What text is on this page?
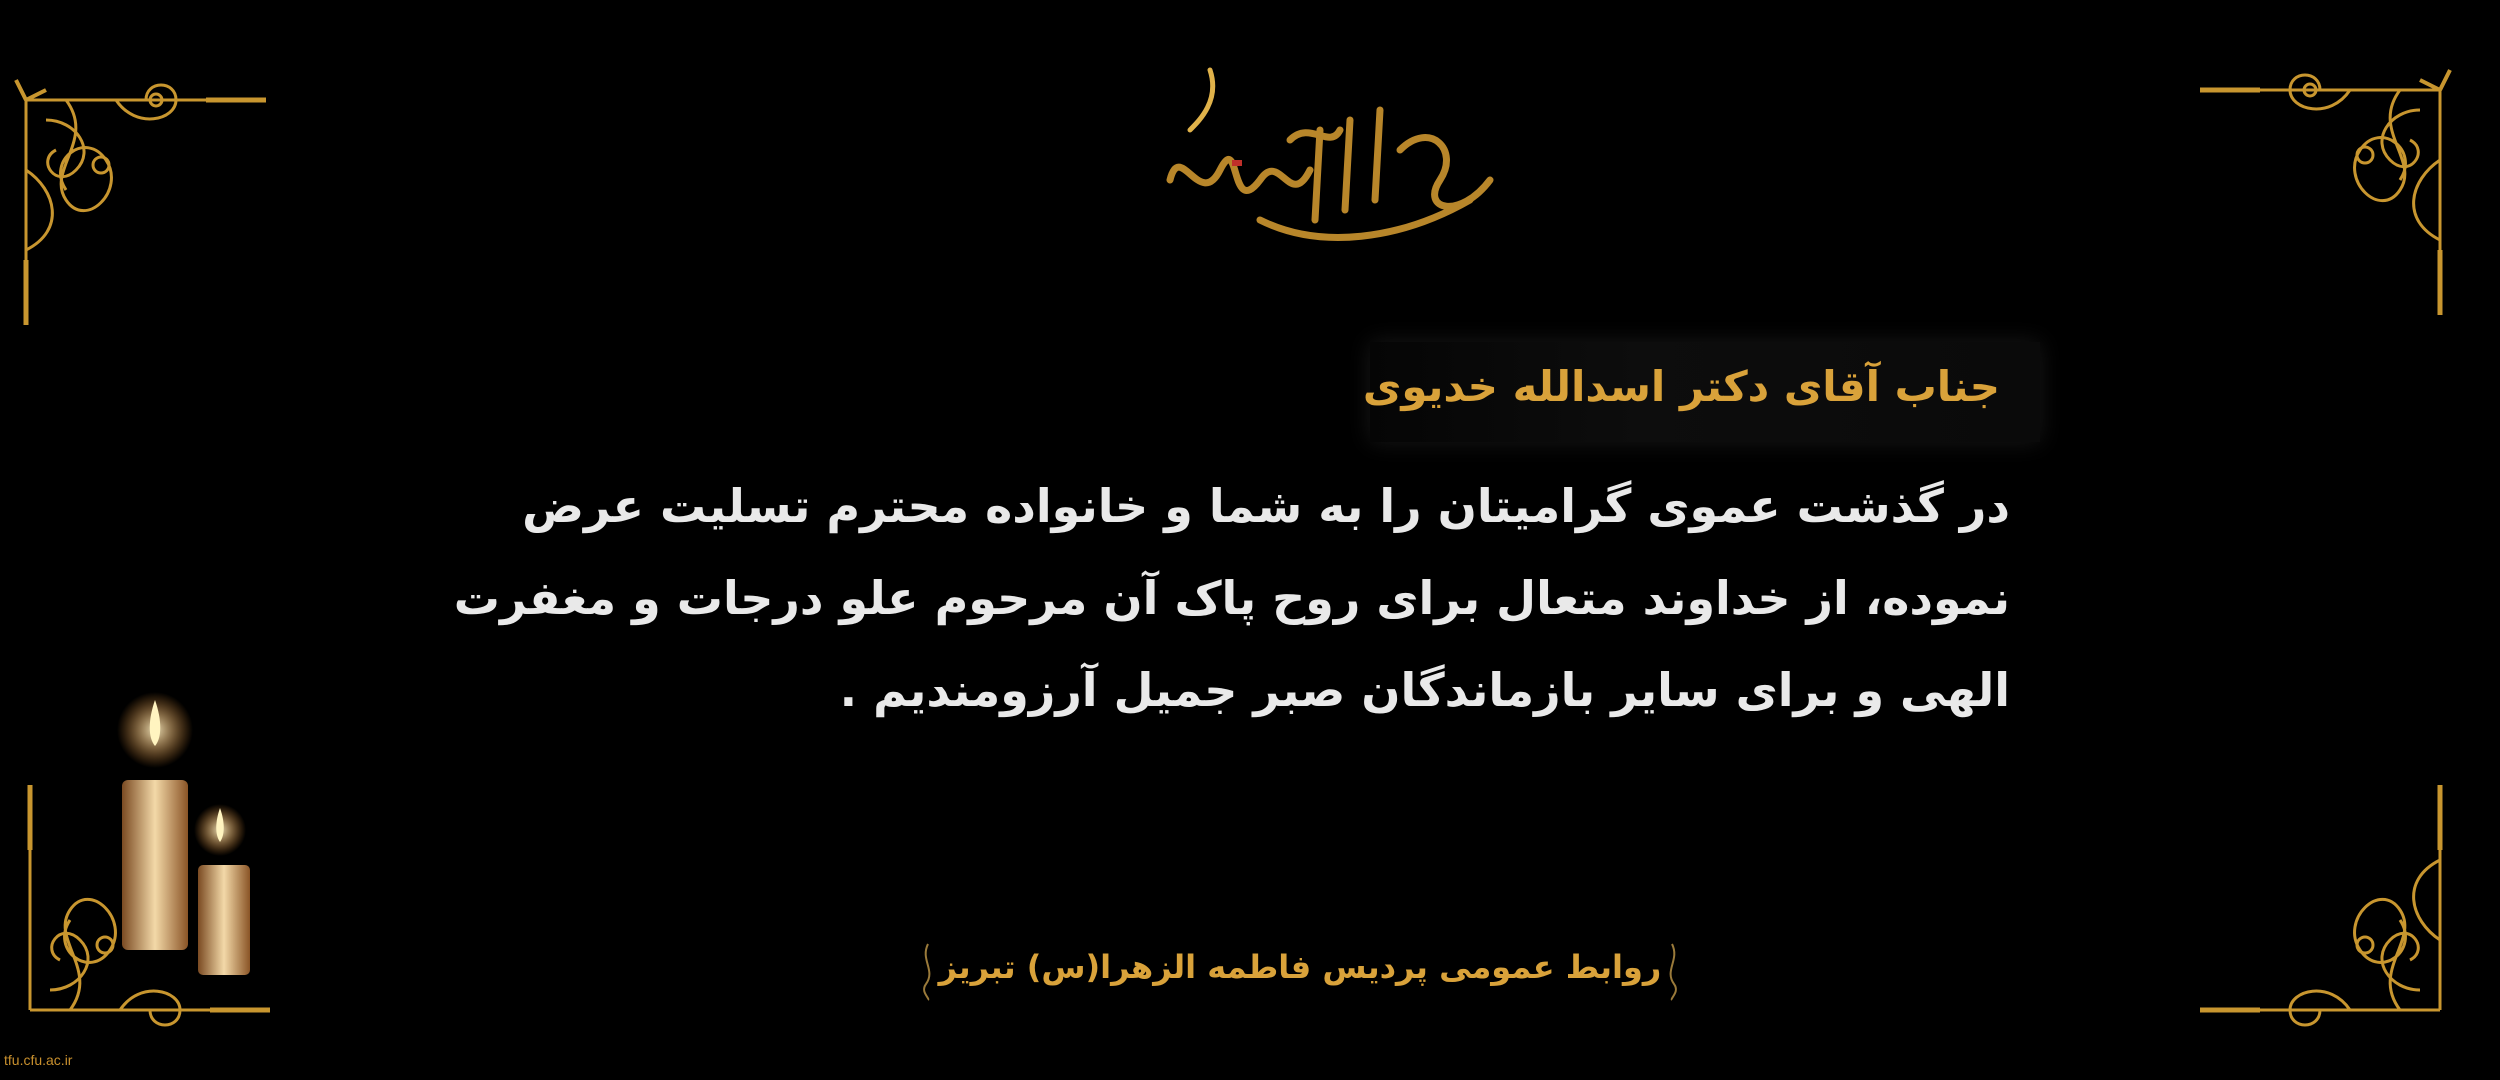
جناب آقای دکتر اسدالله خدیوی
در گذشت عموی گرامیتان را به شما و خانواده محترم تسلیت عرض
نموده، از خداوند متعال برای روح پاک آن مرحوم علو درجات و مغفرت
الهی و برای سایر بازماندگان صبر جمیل آرزومندیم .
روابط عمومی پردیس فاطمه الزهرا(س) تبریز
tfu.cfu.ac.ir
